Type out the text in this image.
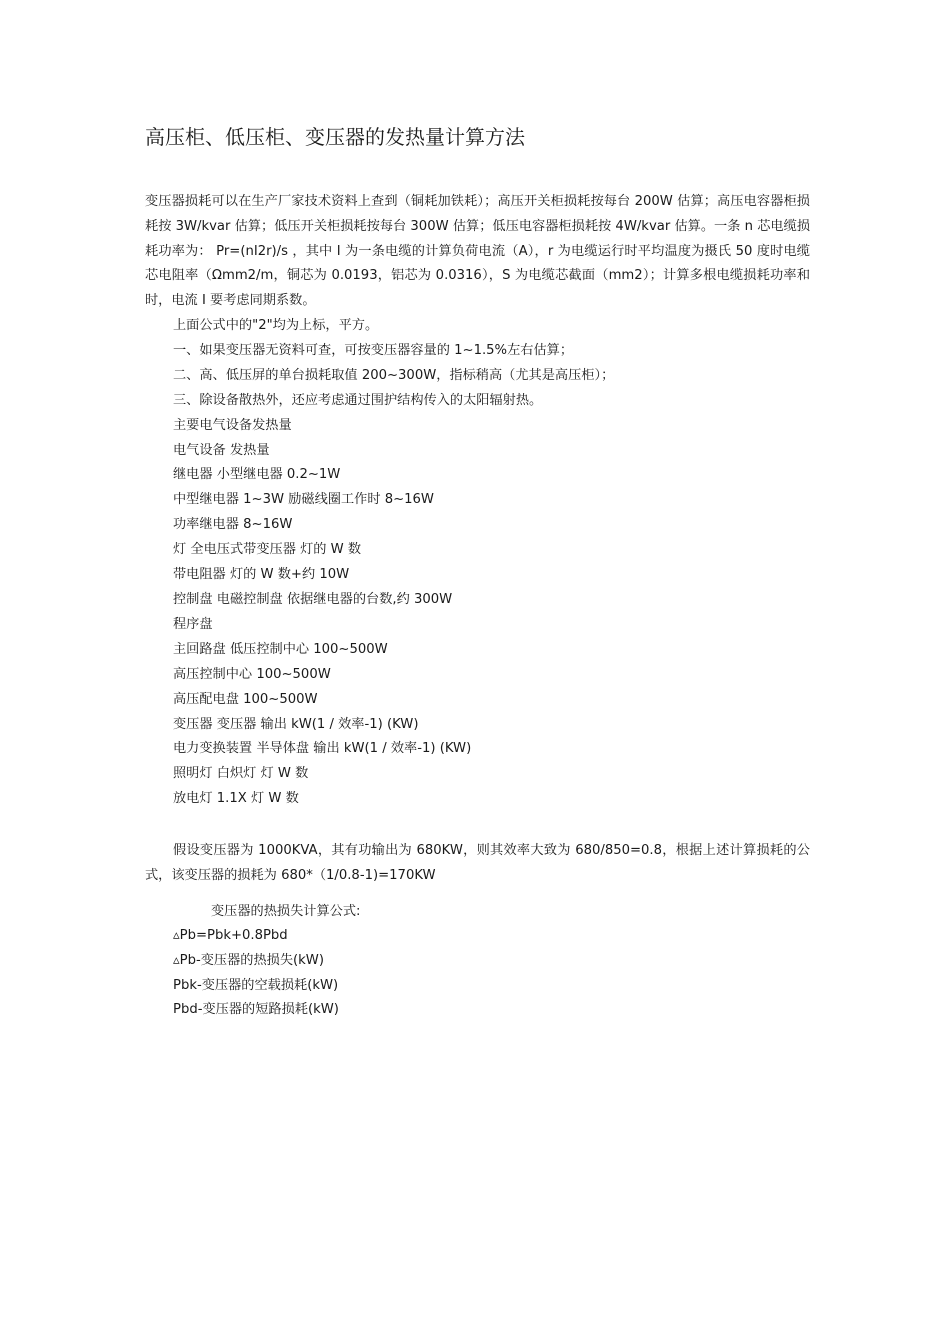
高压柜、低压柜、变压器的发热量计算方法

变压器损耗可以在生产厂家技术资料上查到（铜耗加铁耗）；高压开关柜损耗按每台 200W 估算；高压电容器柜损耗按 3W/kvar 估算；低压开关柜损耗按每台 300W 估算；低压电容器柜损耗按 4W/kvar 估算。一条 n 芯电缆损耗功率为： Pr=(nI2r)/s ，其中 I 为一条电缆的计算负荷电流（A），r 为电缆运行时平均温度为摄氏 50 度时电缆芯电阻率（Ωmm2/m，铜芯为 0.0193，铝芯为 0.0316），S 为电缆芯截面（mm2）；计算多根电缆损耗功率和时，电流 I 要考虑同期系数。

上面公式中的"2"均为上标，平方。
一、如果变压器无资料可查，可按变压器容量的 1~1.5%左右估算；
二、高、低压屏的单台损耗取值 200~300W，指标稍高（尤其是高压柜）；
三、除设备散热外，还应考虑通过围护结构传入的太阳辐射热。
主要电气设备发热量
电气设备 发热量
继电器 小型继电器 0.2~1W
中型继电器 1~3W 励磁线圈工作时 8~16W
功率继电器 8~16W
灯 全电压式带变压器 灯的 W 数
带电阻器 灯的 W 数+约 10W
控制盘 电磁控制盘 依据继电器的台数,约 300W
程序盘
主回路盘 低压控制中心 100~500W
高压控制中心 100~500W
高压配电盘 100~500W
变压器 变压器 输出 kW(1 / 效率-1) (KW)
电力变换装置 半导体盘 输出 kW(1 / 效率-1) (KW)
照明灯 白炽灯 灯 W 数
放电灯 1.1X 灯 W 数

假设变压器为 1000KVA，其有功输出为 680KW，则其效率大致为 680/850=0.8，根据上述计算损耗的公式，该变压器的损耗为 680*（1/0.8-1)=170KW

变压器的热损失计算公式:

▵Pb=Pbk+0.8Pbd
▵Pb-变压器的热损失(kW)
Pbk-变压器的空载损耗(kW)
Pbd-变压器的短路损耗(kW)
